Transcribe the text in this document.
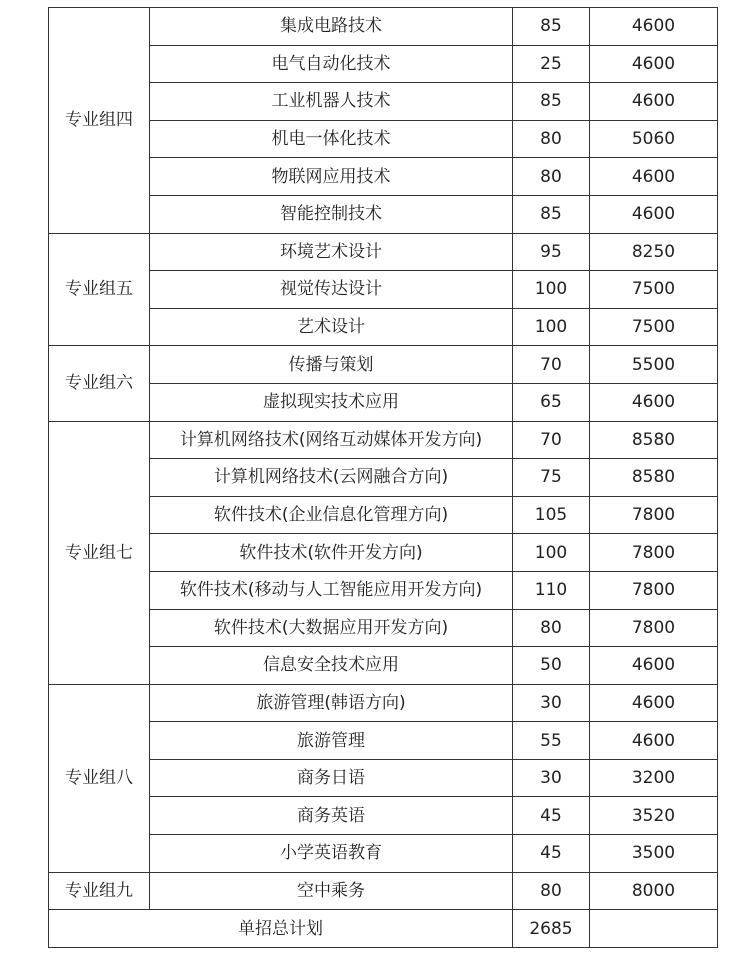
专业组四	集成电路技术	85	4600
	电气自动化技术	25	4600
	工业机器人技术	85	4600
	机电一体化技术	80	5060
	物联网应用技术	80	4600
	智能控制技术	85	4600
专业组五	环境艺术设计	95	8250
	视觉传达设计	100	7500
	艺术设计	100	7500
专业组六	传播与策划	70	5500
	虚拟现实技术应用	65	4600
专业组七	计算机网络技术(网络互动媒体开发方向)	70	8580
	计算机网络技术(云网融合方向)	75	8580
	软件技术(企业信息化管理方向)	105	7800
	软件技术(软件开发方向)	100	7800
	软件技术(移动与人工智能应用开发方向)	110	7800
	软件技术(大数据应用开发方向)	80	7800
	信息安全技术应用	50	4600
专业组八	旅游管理(韩语方向)	30	4600
	旅游管理	55	4600
	商务日语	30	3200
	商务英语	45	3520
	小学英语教育	45	3500
专业组九	空中乘务	80	8000
单招总计划		2685	
